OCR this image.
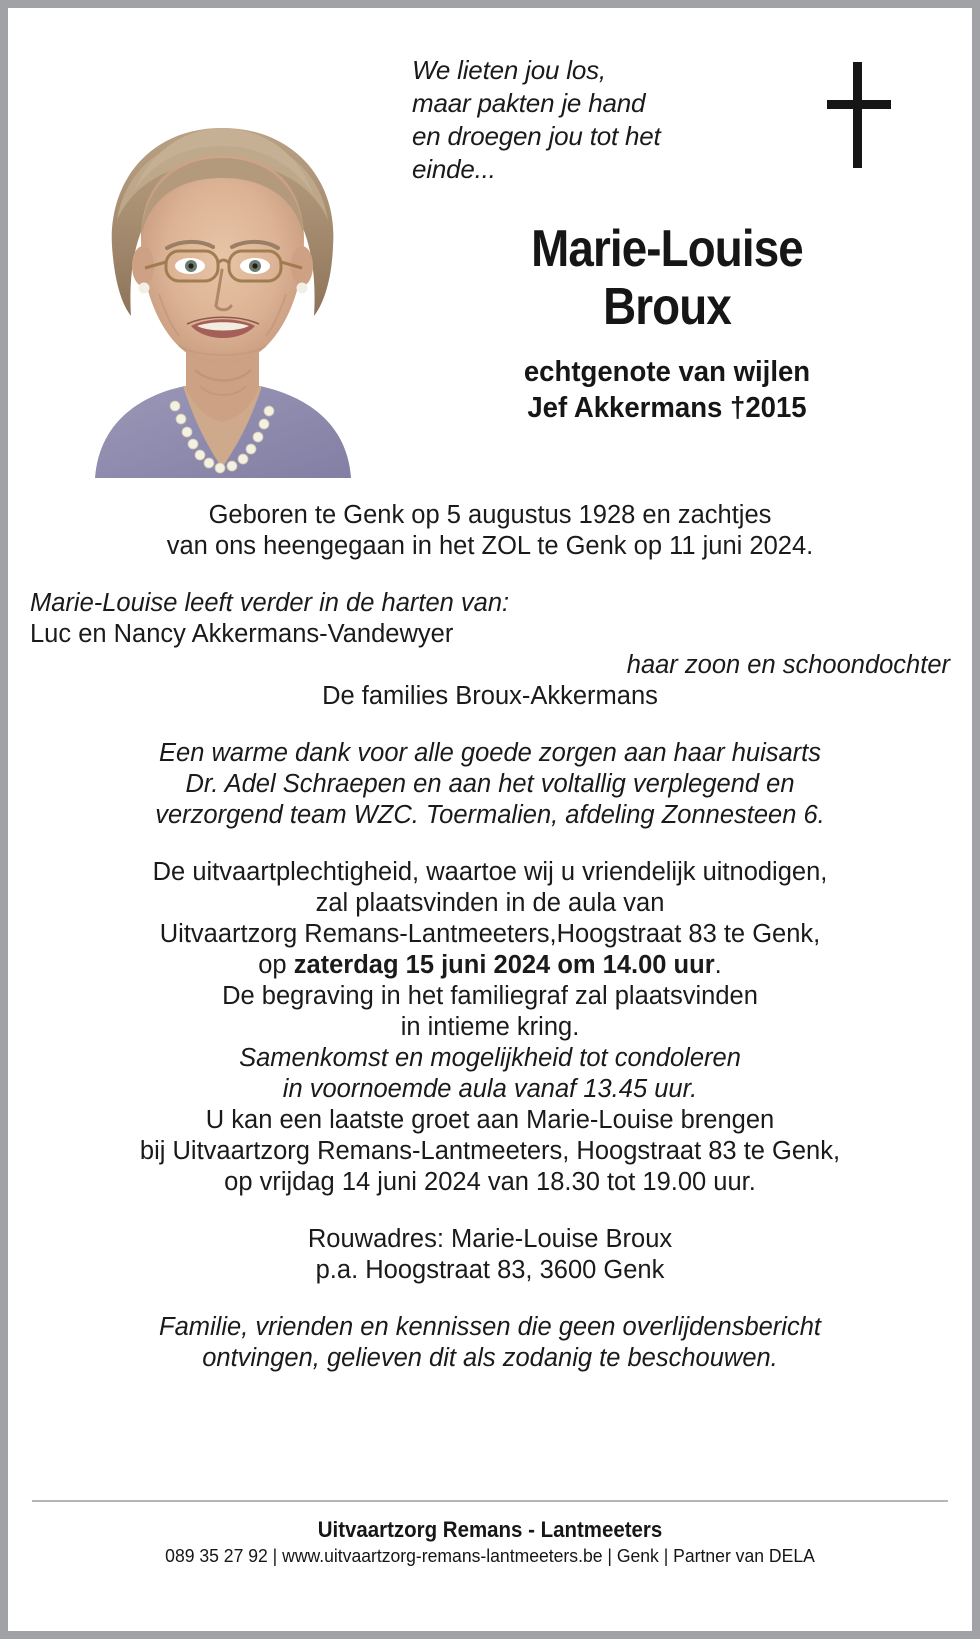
We lieten jou los,
maar pakten je hand
en droegen jou tot het
einde...
Marie-Louise
Broux
echtgenote van wijlen
Jef Akkermans †2015
Geboren te Genk op 5 augustus 1928 en zachtjes
van ons heengegaan in het ZOL te Genk op 11 juni 2024.
Marie-Louise leeft verder in de harten van:
Luc en Nancy Akkermans-Vandewyer
haar zoon en schoondochter
De families Broux-Akkermans
Een warme dank voor alle goede zorgen aan haar huisarts
Dr. Adel Schraepen en aan het voltallig verplegend en
verzorgend team WZC. Toermalien, afdeling Zonnesteen 6.
De uitvaartplechtigheid, waartoe wij u vriendelijk uitnodigen,
zal plaatsvinden in de aula van
Uitvaartzorg Remans-Lantmeeters,Hoogstraat 83 te Genk,
op zaterdag 15 juni 2024 om 14.00 uur.
De begraving in het familiegraf zal plaatsvinden
in intieme kring.
Samenkomst en mogelijkheid tot condoleren
in voornoemde aula vanaf 13.45 uur.
U kan een laatste groet aan Marie-Louise brengen
bij Uitvaartzorg Remans-Lantmeeters, Hoogstraat 83 te Genk,
op vrijdag 14 juni 2024 van 18.30 tot 19.00 uur.
Rouwadres: Marie-Louise Broux
p.a. Hoogstraat 83, 3600 Genk
Familie, vrienden en kennissen die geen overlijdensbericht
ontvingen, gelieven dit als zodanig te beschouwen.
Uitvaartzorg Remans - Lantmeeters
089 35 27 92 | www.uitvaartzorg-remans-lantmeeters.be | Genk | Partner van DELA
